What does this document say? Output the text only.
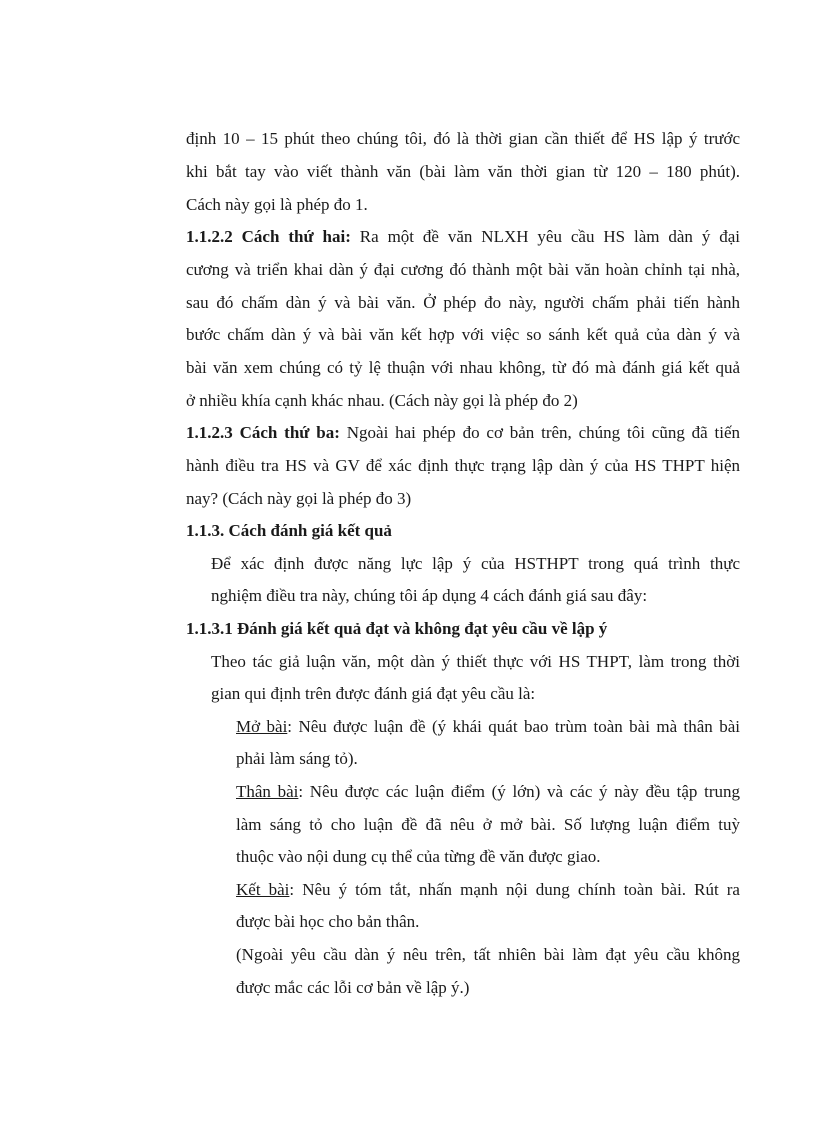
định 10 – 15 phút theo chúng tôi, đó là thời gian cần thiết để HS lập ý trước
khi bắt tay vào viết thành văn (bài làm văn thời gian từ 120 – 180 phút).
Cách này gọi là phép đo 1.
1.1.2.2 Cách thứ hai: Ra một đề văn NLXH yêu cầu HS làm dàn ý đại
cương và triển khai dàn ý đại cương đó thành một bài văn hoàn chỉnh tại nhà,
sau đó chấm dàn ý và bài văn. Ở phép đo này, người chấm phải tiến hành
bước chấm dàn ý và bài văn kết hợp với việc so sánh kết quả của dàn ý và
bài văn xem chúng có tỷ lệ thuận với nhau không, từ đó mà đánh giá kết quả
ở nhiều khía cạnh khác nhau. (Cách này gọi là phép đo 2)
1.1.2.3 Cách thứ ba: Ngoài hai phép đo cơ bản trên, chúng tôi cũng đã tiến
hành điều tra HS và GV để xác định thực trạng lập dàn ý của HS THPT hiện
nay? (Cách này gọi là phép đo 3)
1.1.3. Cách đánh giá kết quả
Để xác định được năng lực lập ý của HSTHPT trong quá trình thực
nghiệm điều tra này, chúng tôi áp dụng 4 cách đánh giá sau đây:
1.1.3.1 Đánh giá kết quả đạt và không đạt yêu cầu về lập ý
Theo tác giả luận văn, một dàn ý thiết thực với HS THPT, làm trong thời
gian qui định trên được đánh giá đạt yêu cầu là:
Mở bài: Nêu được luận đề (ý khái quát bao trùm toàn bài mà thân bài
phải làm sáng tỏ).
Thân bài: Nêu được các luận điểm (ý lớn) và các ý này đều tập trung
làm sáng tỏ cho luận đề đã nêu ở mở bài. Số lượng luận điểm tuỳ
thuộc vào nội dung cụ thể của từng đề văn được giao.
Kết bài: Nêu ý tóm tắt, nhấn mạnh nội dung chính toàn bài. Rút ra
được bài học cho bản thân.
(Ngoài yêu cầu dàn ý nêu trên, tất nhiên bài làm đạt yêu cầu không
được mắc các lỗi cơ bản về lập ý.)
